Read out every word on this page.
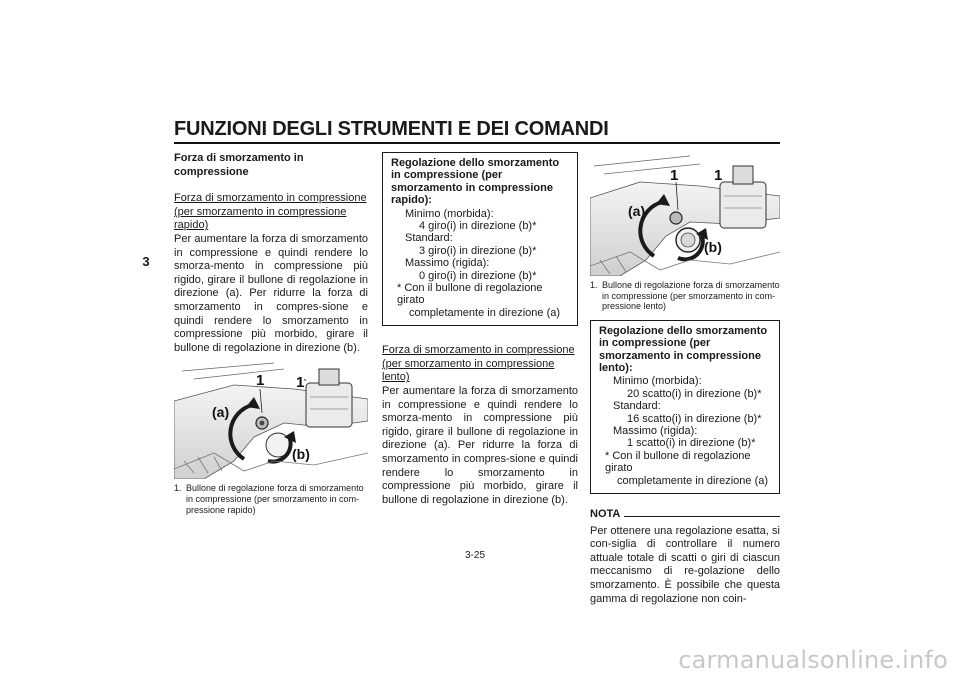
FUNZIONI DEGLI STRUMENTI E DEI COMANDI
3

Forza di smorzamento in compressione

Forza di smorzamento in compressione

(per smorzamento in compressione rapido)

Per aumentare la forza di smorzamento in compressione e quindi rendere lo smorza-mento in compressione più rigido, girare il bullone di regolazione in direzione (a). Per ridurre la forza di smorzamento in compres-sione e quindi rendere lo smorzamento in compressione più morbido, girare il bullone di regolazione in direzione (b).

1 1
(a)
(b)
1. Bullone di regolazione forza di smorzamento in compressione (per smorzamento in com-pressione rapido)

Regolazione dello smorzamento in compressione (per smorzamento in compressione rapido):

Minimo (morbida):

4 giro(i) in direzione (b)*

Standard:

3 giro(i) in direzione (b)*

Massimo (rigida):

0 giro(i) in direzione (b)*

* Con il bullone di regolazione girato

completamente in direzione (a)

Forza di smorzamento in compressione

(per smorzamento in compressione lento)

Per aumentare la forza di smorzamento in compressione e quindi rendere lo smorza-mento in compressione più rigido, girare il bullone di regolazione in direzione (a). Per ridurre la forza di smorzamento in compres-sione e quindi rendere lo smorzamento in compressione più morbido, girare il bullone di regolazione in direzione (b).

1 1
(a)
(b)
1. Bullone di regolazione forza di smorzamento in compressione (per smorzamento in com-pressione lento)

Regolazione dello smorzamento in compressione (per smorzamento in compressione lento):

Minimo (morbida):

20 scatto(i) in direzione (b)*

Standard:

16 scatto(i) in direzione (b)*

Massimo (rigida):

1 scatto(i) in direzione (b)*

* Con il bullone di regolazione girato

completamente in direzione (a)

NOTA

Per ottenere una regolazione esatta, si con-siglia di controllare il numero attuale totale di scatti o giri di ciascun meccanismo di re-golazione dello smorzamento. È possibile che questa gamma di regolazione non coin-

3-25
carmanualsonline.info
